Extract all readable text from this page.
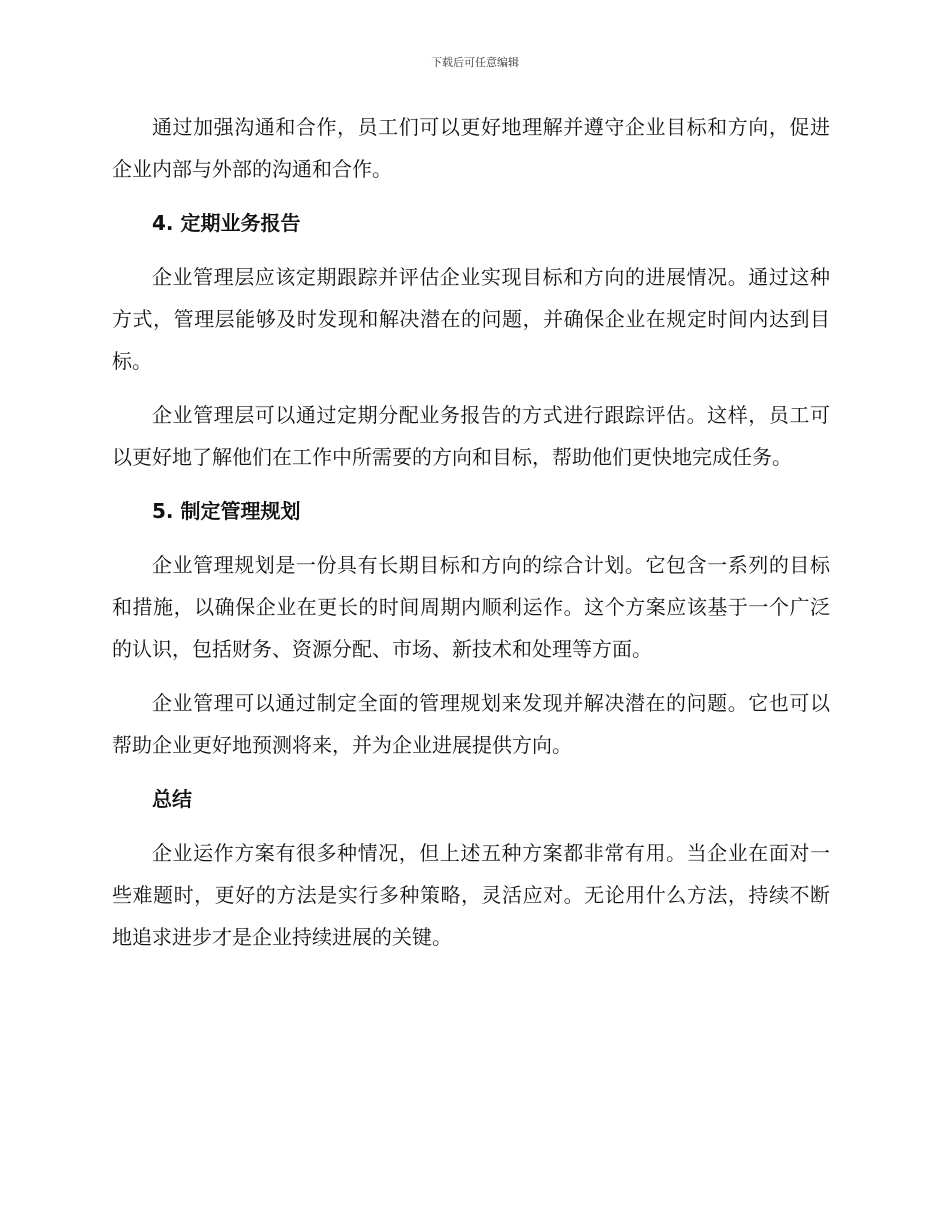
下载后可任意编辑

通过加强沟通和合作，员工们可以更好地理解并遵守企业目标和方向，促进企业内部与外部的沟通和合作。

4. 定期业务报告

企业管理层应该定期跟踪并评估企业实现目标和方向的进展情况。通过这种方式，管理层能够及时发现和解决潜在的问题，并确保企业在规定时间内达到目标。

企业管理层可以通过定期分配业务报告的方式进行跟踪评估。这样，员工可以更好地了解他们在工作中所需要的方向和目标，帮助他们更快地完成任务。

5. 制定管理规划

企业管理规划是一份具有长期目标和方向的综合计划。它包含一系列的目标和措施，以确保企业在更长的时间周期内顺利运作。这个方案应该基于一个广泛的认识，包括财务、资源分配、市场、新技术和处理等方面。

企业管理可以通过制定全面的管理规划来发现并解决潜在的问题。它也可以帮助企业更好地预测将来，并为企业进展提供方向。

总结

企业运作方案有很多种情况，但上述五种方案都非常有用。当企业在面对一些难题时，更好的方法是实行多种策略，灵活应对。无论用什么方法，持续不断地追求进步才是企业持续进展的关键。
